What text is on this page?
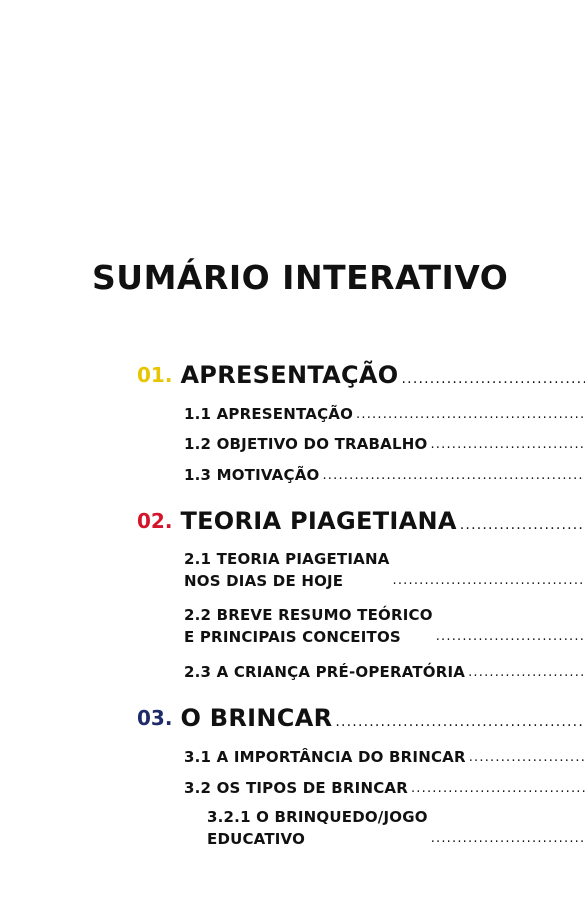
SUMÁRIO INTERATIVO
01. APRESENTAÇÃO
.....
1.1 APRESENTAÇÃO
.....
1.2 OBJETIVO DO TRABALHO
.....
1.3 MOTIVAÇÃO
.....
02. TEORIA PIAGETIANA
.....
2.1 TEORIA PIAGETIANA
NOS DIAS DE HOJE
.....
2.2 BREVE RESUMO TEÓRICO
E PRINCIPAIS CONCEITOS
.....
2.3 A CRIANÇA PRÉ-OPERATÓRIA
.....
03. O BRINCAR
.....
3.1 A IMPORTÂNCIA DO BRINCAR
.....
3.2 OS TIPOS DE BRINCAR
.....
3.2.1 O BRINQUEDO/JOGO
EDUCATIVO
.....
